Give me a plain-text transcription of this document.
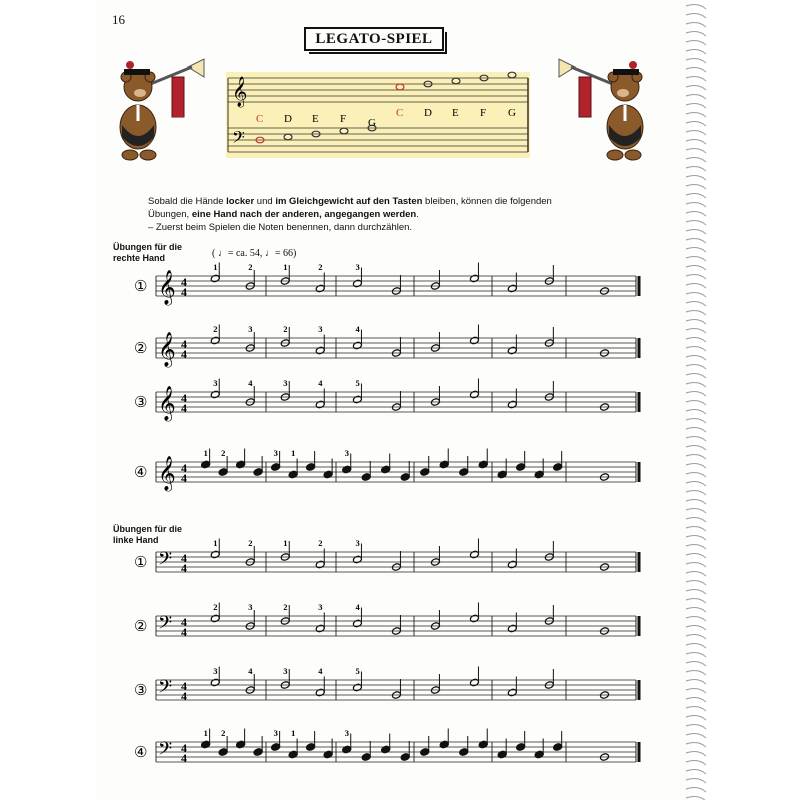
16
LEGATO-SPIEL
𝄞
𝄢
C D E F G
C D E F G
Sobald die Hände locker und im Gleichgewicht auf den Tasten bleiben, können die folgenden
Übungen, eine Hand nach der anderen, angegangen werden.
– Zuerst beim Spielen die Noten benennen, dann durchzählen.
Übungen für die
rechte Hand	( ♩= ca. 54, ♩= 66)
Übungen für die
linke Hand
① 𝄞 4
4
1	2	1	2	3
② 𝄞 4
4
2	3	2	3	4
③ 𝄞 4
4
3	4	3	4	5
④ 𝄞 4
4
1 2	3 1	3
① 𝄢 4
4
1	2	1	2	3
② 𝄢 4
4
2	3	2	3	4
③ 𝄢 4
4
3	4	3	4	5
④ 𝄢 4
4
1 2	3 1	3
